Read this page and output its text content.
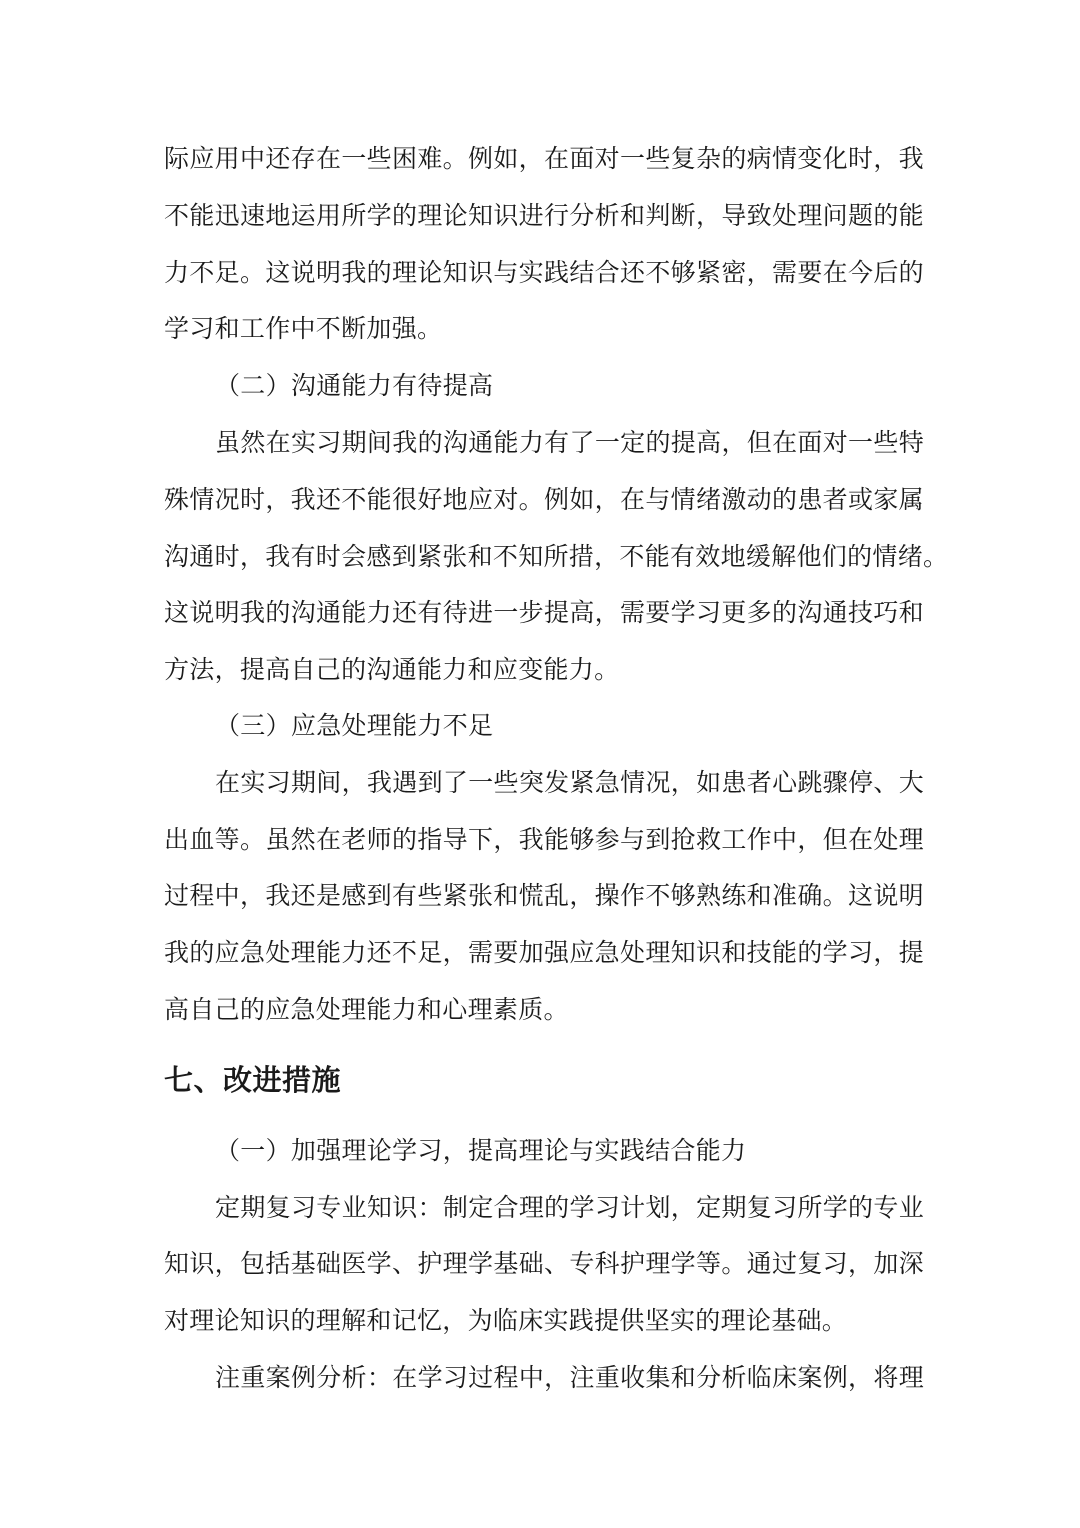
际应用中还存在一些困难。例如，在面对一些复杂的病情变化时，我
不能迅速地运用所学的理论知识进行分析和判断，导致处理问题的能
力不足。这说明我的理论知识与实践结合还不够紧密，需要在今后的
学习和工作中不断加强。
（二）沟通能力有待提高
虽然在实习期间我的沟通能力有了一定的提高，但在面对一些特
殊情况时，我还不能很好地应对。例如，在与情绪激动的患者或家属
沟通时，我有时会感到紧张和不知所措，不能有效地缓解他们的情绪。
这说明我的沟通能力还有待进一步提高，需要学习更多的沟通技巧和
方法，提高自己的沟通能力和应变能力。
（三）应急处理能力不足
在实习期间，我遇到了一些突发紧急情况，如患者心跳骤停、大
出血等。虽然在老师的指导下，我能够参与到抢救工作中，但在处理
过程中，我还是感到有些紧张和慌乱，操作不够熟练和准确。这说明
我的应急处理能力还不足，需要加强应急处理知识和技能的学习，提
高自己的应急处理能力和心理素质。
七、改进措施
（一）加强理论学习，提高理论与实践结合能力
定期复习专业知识：制定合理的学习计划，定期复习所学的专业
知识，包括基础医学、护理学基础、专科护理学等。通过复习，加深
对理论知识的理解和记忆，为临床实践提供坚实的理论基础。
注重案例分析：在学习过程中，注重收集和分析临床案例，将理
